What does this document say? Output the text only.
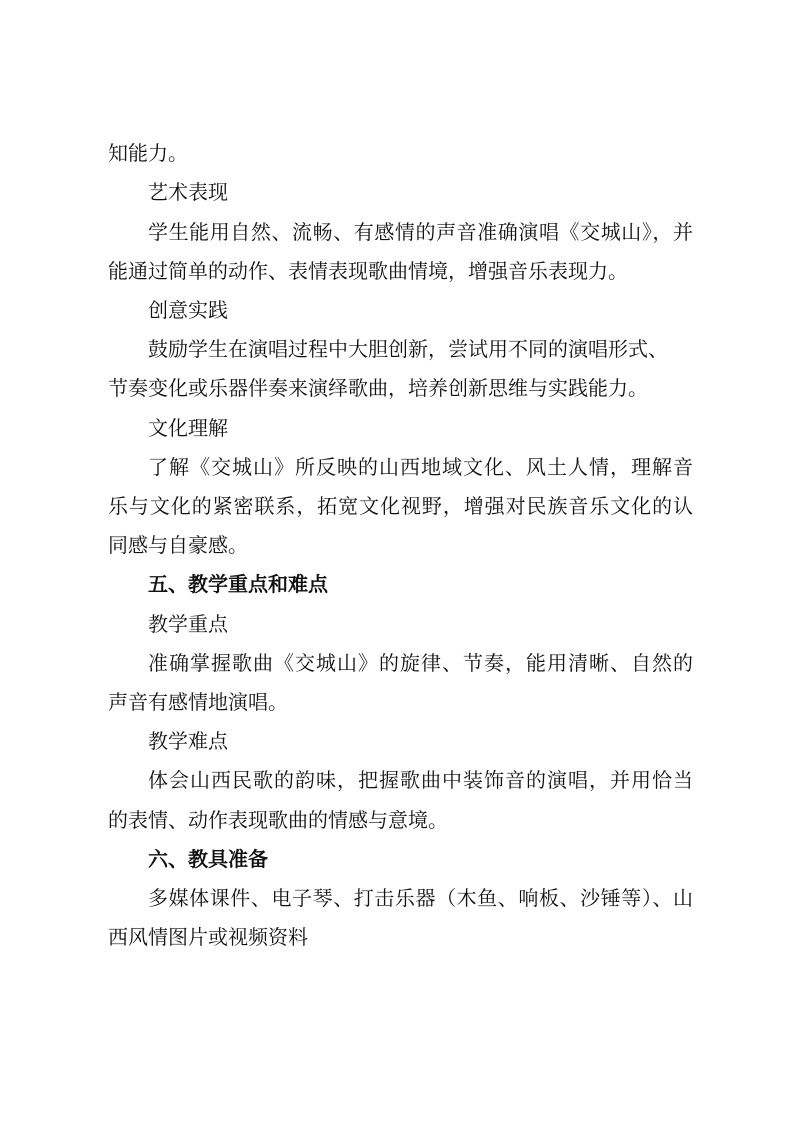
知能力。
艺术表现
学生能用自然、流畅、有感情的声音准确演唱《交城山》，并
能通过简单的动作、表情表现歌曲情境，增强音乐表现力。
创意实践
鼓励学生在演唱过程中大胆创新，尝试用不同的演唱形式、
节奏变化或乐器伴奏来演绎歌曲，培养创新思维与实践能力。
文化理解
了解《交城山》所反映的山西地域文化、风土人情，理解音
乐与文化的紧密联系，拓宽文化视野，增强对民族音乐文化的认
同感与自豪感。
五、教学重点和难点
教学重点
准确掌握歌曲《交城山》的旋律、节奏，能用清晰、自然的
声音有感情地演唱。
教学难点
体会山西民歌的韵味，把握歌曲中装饰音的演唱，并用恰当
的表情、动作表现歌曲的情感与意境。
六、教具准备
多媒体课件、电子琴、打击乐器（木鱼、响板、沙锤等）、山
西风情图片或视频资料
